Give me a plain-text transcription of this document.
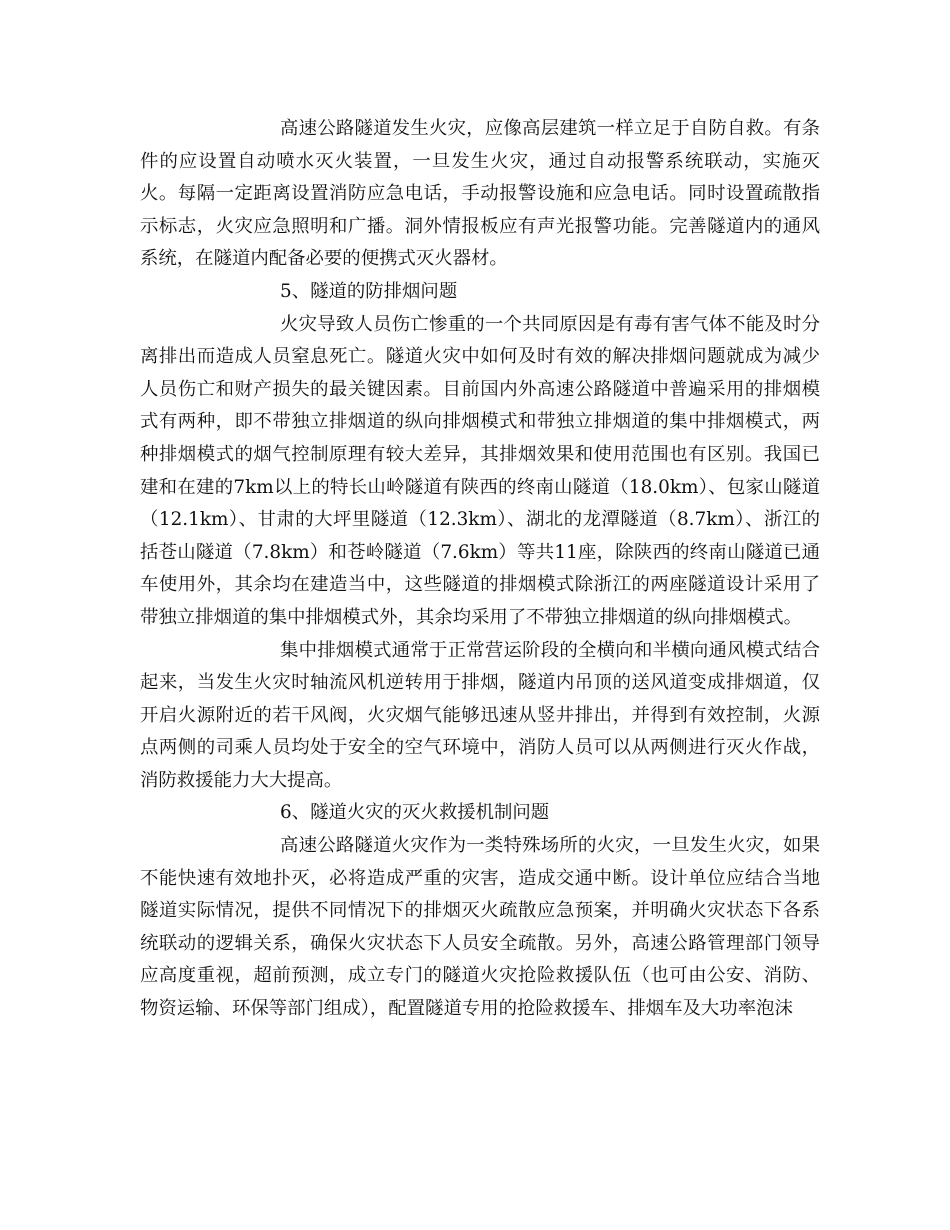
高速公路隧道发生火灾，应像高层建筑一样立足于自防自救。有条件的应设置自动喷水灭火装置，一旦发生火灾，通过自动报警系统联动，实施灭火。每隔一定距离设置消防应急电话，手动报警设施和应急电话。同时设置疏散指示标志，火灾应急照明和广播。洞外情报板应有声光报警功能。完善隧道内的通风系统，在隧道内配备必要的便携式灭火器材。

5、隧道的防排烟问题

火灾导致人员伤亡惨重的一个共同原因是有毒有害气体不能及时分离排出而造成人员窒息死亡。隧道火灾中如何及时有效的解决排烟问题就成为减少人员伤亡和财产损失的最关键因素。目前国内外高速公路隧道中普遍采用的排烟模式有两种，即不带独立排烟道的纵向排烟模式和带独立排烟道的集中排烟模式，两种排烟模式的烟气控制原理有较大差异，其排烟效果和使用范围也有区别。我国已建和在建的7km以上的特长山岭隧道有陕西的终南山隧道（18.0km）、包家山隧道（12.1km）、甘肃的大坪里隧道（12.3km）、湖北的龙潭隧道（8.7km）、浙江的括苍山隧道（7.8km）和苍岭隧道（7.6km）等共11座，除陕西的终南山隧道已通车使用外，其余均在建造当中，这些隧道的排烟模式除浙江的两座隧道设计采用了带独立排烟道的集中排烟模式外，其余均采用了不带独立排烟道的纵向排烟模式。

集中排烟模式通常于正常营运阶段的全横向和半横向通风模式结合起来，当发生火灾时轴流风机逆转用于排烟，隧道内吊顶的送风道变成排烟道，仅开启火源附近的若干风阀，火灾烟气能够迅速从竖井排出，并得到有效控制，火源点两侧的司乘人员均处于安全的空气环境中，消防人员可以从两侧进行灭火作战，消防救援能力大大提高。

6、隧道火灾的灭火救援机制问题

高速公路隧道火灾作为一类特殊场所的火灾，一旦发生火灾，如果不能快速有效地扑灭，必将造成严重的灾害，造成交通中断。设计单位应结合当地隧道实际情况，提供不同情况下的排烟灭火疏散应急预案，并明确火灾状态下各系统联动的逻辑关系，确保火灾状态下人员安全疏散。另外，高速公路管理部门领导应高度重视，超前预测，成立专门的隧道火灾抢险救援队伍（也可由公安、消防、物资运输、环保等部门组成），配置隧道专用的抢险救援车、排烟车及大功率泡沫
